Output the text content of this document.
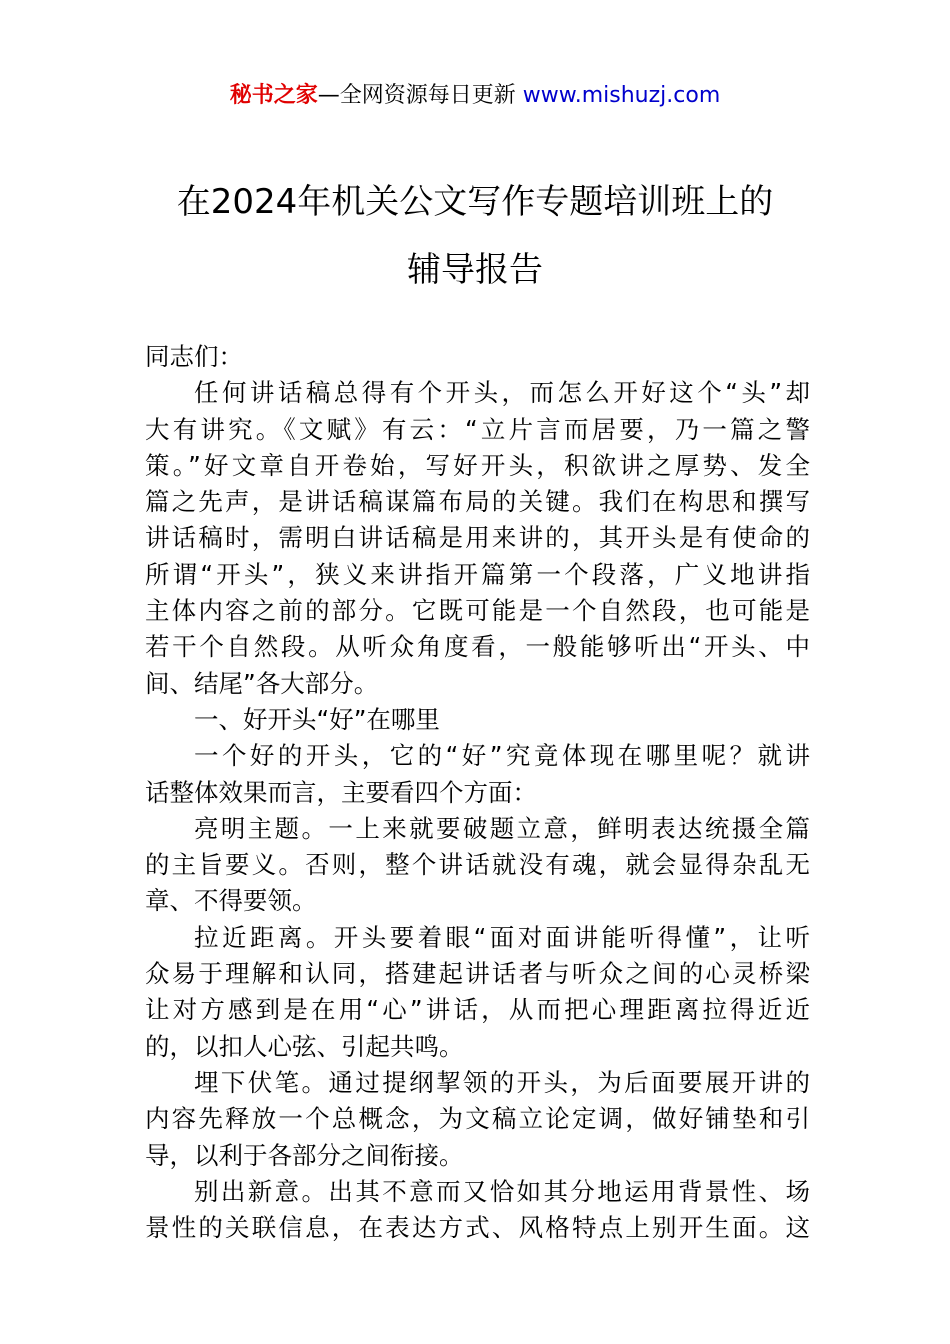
秘书之家—全网资源每日更新 www.mishuzj.com
在2024年机关公文写作专题培训班上的
辅导报告
同志们：
任何讲话稿总得有个开头，而怎么开好这个“头”却
大有讲究。《文赋》有云：“立片言而居要，乃一篇之警
策。”好文章自开卷始，写好开头，积欲讲之厚势、发全
篇之先声，是讲话稿谋篇布局的关键。我们在构思和撰写
讲话稿时，需明白讲话稿是用来讲的，其开头是有使命的
所谓“开头”，狭义来讲指开篇第一个段落，广义地讲指
主体内容之前的部分。它既可能是一个自然段，也可能是
若干个自然段。从听众角度看，一般能够听出“开头、中
间、结尾”各大部分。
一、好开头“好”在哪里
一个好的开头，它的“好”究竟体现在哪里呢？就讲
话整体效果而言，主要看四个方面：
亮明主题。一上来就要破题立意，鲜明表达统摄全篇
的主旨要义。否则，整个讲话就没有魂，就会显得杂乱无
章、不得要领。
拉近距离。开头要着眼“面对面讲能听得懂”，让听
众易于理解和认同，搭建起讲话者与听众之间的心灵桥梁
让对方感到是在用“心”讲话，从而把心理距离拉得近近
的，以扣人心弦、引起共鸣。
埋下伏笔。通过提纲挈领的开头，为后面要展开讲的
内容先释放一个总概念，为文稿立论定调，做好铺垫和引
导，以利于各部分之间衔接。
别出新意。出其不意而又恰如其分地运用背景性、场
景性的关联信息，在表达方式、风格特点上别开生面。这
